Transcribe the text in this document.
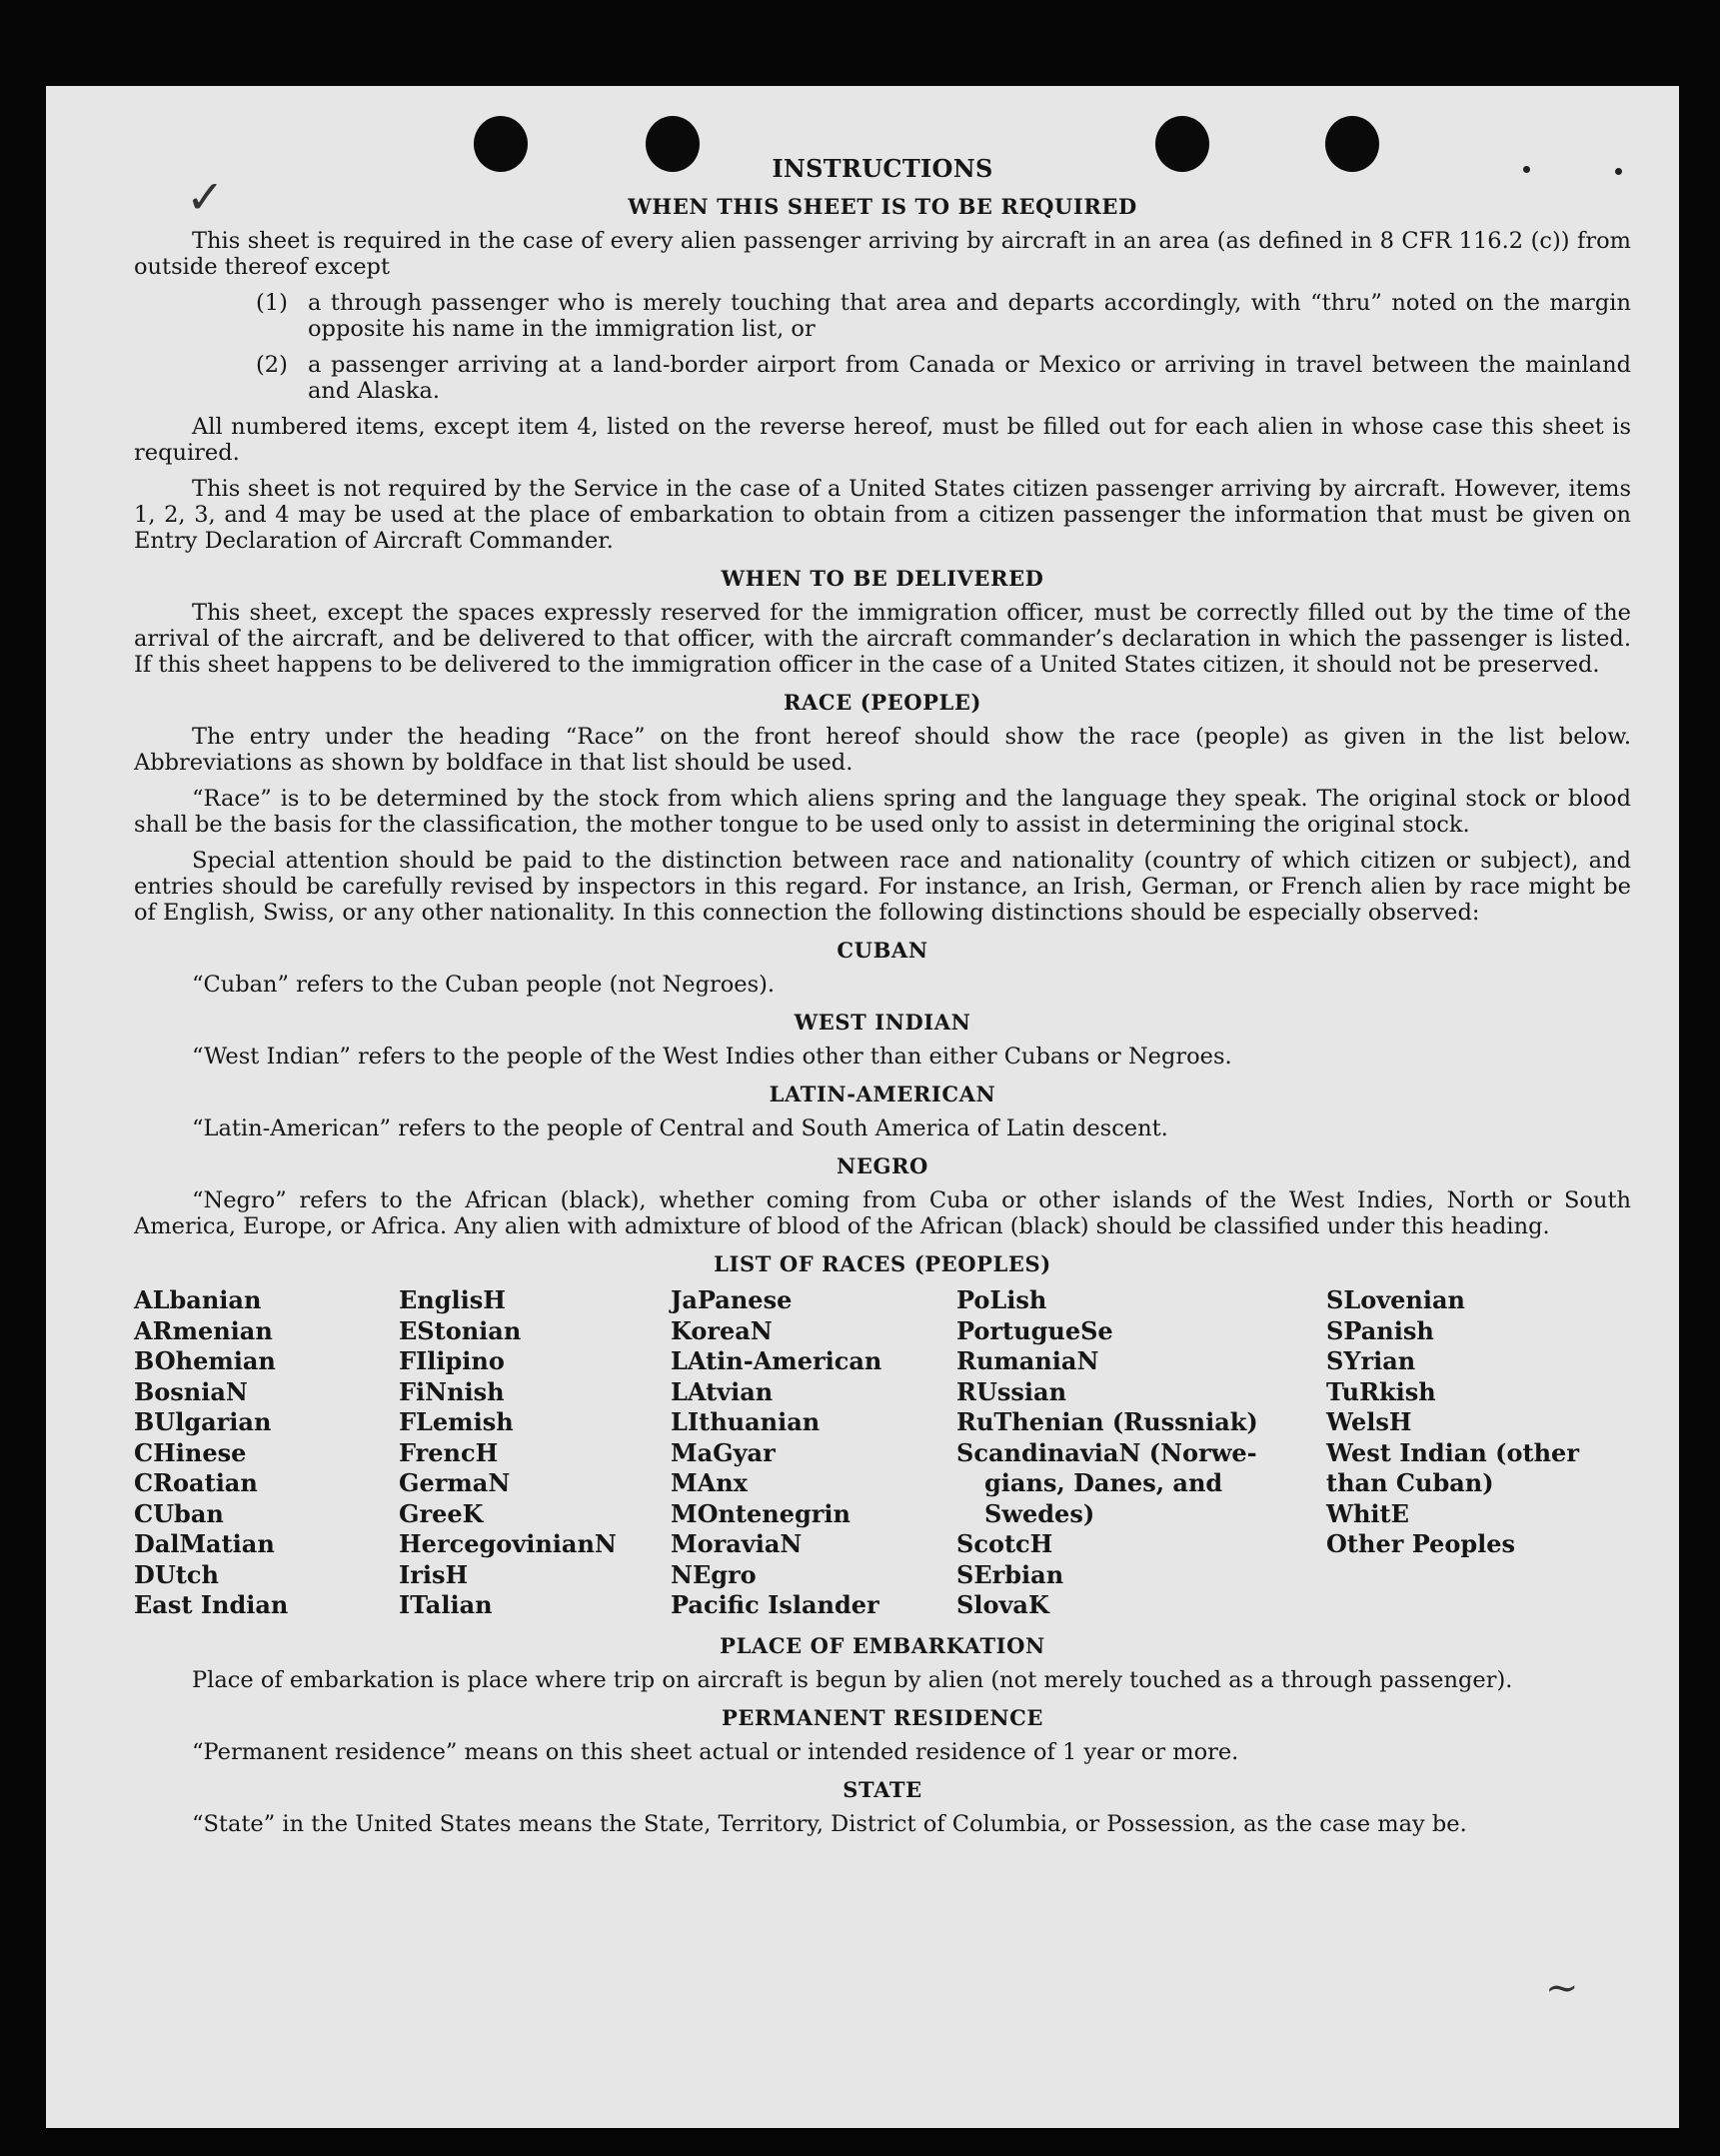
✓
~
INSTRUCTIONS
WHEN THIS SHEET IS TO BE REQUIRED

This sheet is required in the case of every alien passenger arriving by aircraft in an area (as defined in 8 CFR 116.2 (c)) from outside thereof except

(1) a through passenger who is merely touching that area and departs accordingly, with “thru” noted on the margin opposite his name in the immigration list, or
(2) a passenger arriving at a land-border airport from Canada or Mexico or arriving in travel between the mainland and Alaska.

All numbered items, except item 4, listed on the reverse hereof, must be filled out for each alien in whose case this sheet is required.

This sheet is not required by the Service in the case of a United States citizen passenger arriving by aircraft. However, items 1, 2, 3, and 4 may be used at the place of embarkation to obtain from a citizen passenger the information that must be given on Entry Declaration of Aircraft Commander.

WHEN TO BE DELIVERED

This sheet, except the spaces expressly reserved for the immigration officer, must be correctly filled out by the time of the arrival of the aircraft, and be delivered to that officer, with the aircraft commander’s declaration in which the passenger is listed. If this sheet happens to be delivered to the immigration officer in the case of a United States citizen, it should not be preserved.

RACE (PEOPLE)

The entry under the heading “Race” on the front hereof should show the race (people) as given in the list below. Abbreviations as shown by boldface in that list should be used.

“Race” is to be determined by the stock from which aliens spring and the language they speak. The original stock or blood shall be the basis for the classification, the mother tongue to be used only to assist in determining the original stock.

Special attention should be paid to the distinction between race and nationality (country of which citizen or subject), and entries should be carefully revised by inspectors in this regard. For instance, an Irish, German, or French alien by race might be of English, Swiss, or any other nationality. In this connection the following distinctions should be especially observed:

CUBAN
“Cuban” refers to the Cuban people (not Negroes).
WEST INDIAN
“West Indian” refers to the people of the West Indies other than either Cubans or Negroes.
LATIN-AMERICAN
“Latin-American” refers to the people of Central and South America of Latin descent.
NEGRO

“Negro” refers to the African (black), whether coming from Cuba or other islands of the West Indies, North or South America, Europe, or Africa. Any alien with admixture of blood of the African (black) should be classified under this heading.

LIST OF RACES (PEOPLES)
ALbanian
ARmenian
BOhemian
BosniaN
BUlgarian
CHinese
CRoatian
CUban
DalMatian
DUtch
East Indian
EnglisH
EStonian
FIlipino
FiNnish
FLemish
FrencH
GermaN
GreeK
HercegovinianN
IrisH
ITalian
JaPanese
KoreaN
LAtin-American
LAtvian
LIthuanian
MaGyar
MAnx
MOntenegrin
MoraviaN
NEgro
Pacific Islander
PoLish
PortugueSe
RumaniaN
RUssian
RuThenian (Russniak)
ScandinaviaN (Norwe-
gians, Danes, and
Swedes)
ScotcH
SErbian
SlovaK
SLovenian
SPanish
SYrian
TuRkish
WelsH
West Indian (other
than Cuban)
WhitE
Other Peoples
PLACE OF EMBARKATION

Place of embarkation is place where trip on aircraft is begun by alien (not merely touched as a through passenger).

PERMANENT RESIDENCE
“Permanent residence” means on this sheet actual or intended residence of 1 year or more.
STATE

“State” in the United States means the State, Territory, District of Columbia, or Possession, as the case may be.
